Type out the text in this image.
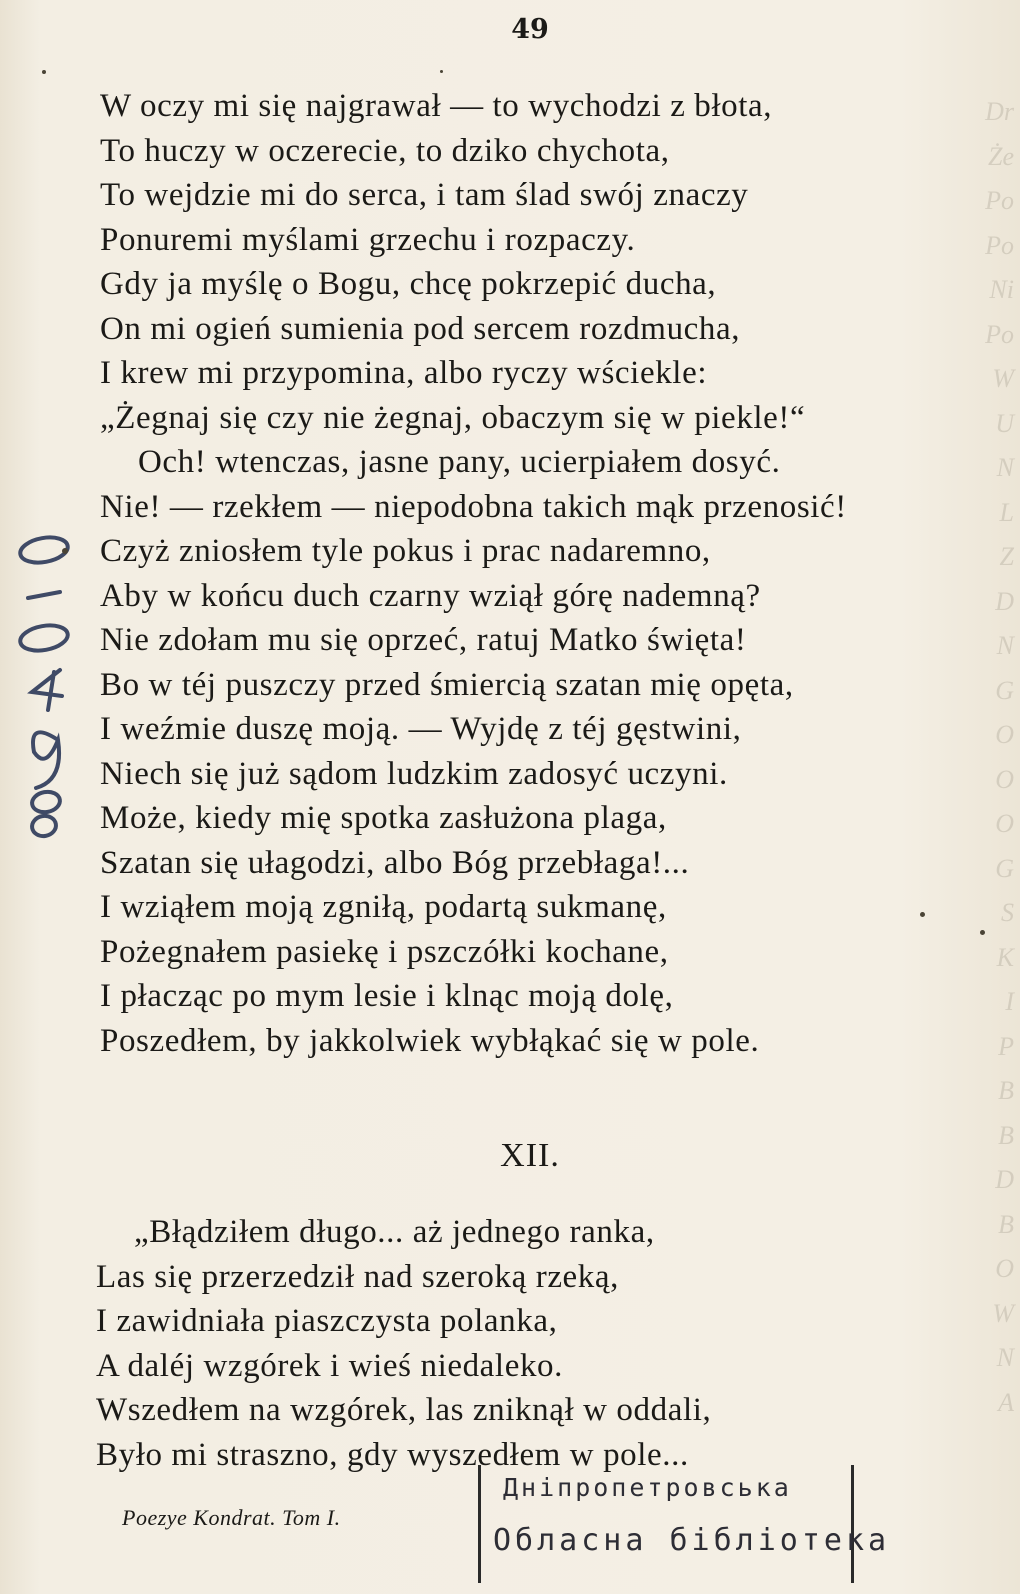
Dr
Że
Po
Po
Ni
Po
W
U
N
L
Z
D
N
G
O
O
O
G
S
K
I
P
B
B
D
B
O
W
N
A
49
W oczy mi się najgrawał — to wychodzi z błota,
To huczy w oczerecie, to dziko chychota,
To wejdzie mi do serca, i tam ślad swój znaczy
Ponuremi myślami grzechu i rozpaczy.
Gdy ja myślę o Bogu, chcę pokrzepić ducha,
On mi ogień sumienia pod sercem rozdmucha,
I krew mi przypomina, albo ryczy wściekle:
„Żegnaj się czy nie żegnaj, obaczym się w piekle!“
Och! wtenczas, jasne pany, ucierpiałem dosyć.
Nie! — rzekłem — niepodobna takich mąk przenosić!
Czyż zniosłem tyle pokus i prac nadaremno,
Aby w końcu duch czarny wziął górę nademną?
Nie zdołam mu się oprzeć, ratuj Matko święta!
Bo w téj puszczy przed śmiercią szatan mię opęta,
I weźmie duszę moją. — Wyjdę z téj gęstwini,
Niech się już sądom ludzkim zadosyć uczyni.
Może, kiedy mię spotka zasłużona plaga,
Szatan się ułagodzi, albo Bóg przebłaga!...
I wziąłem moją zgniłą, podartą sukmanę,
Pożegnałem pasiekę i pszczółki kochane,
I płacząc po mym lesie i klnąc moją dolę,
Poszedłem, by jakkolwiek wybłąkać się w pole.
XII.
„Błądziłem długo... aż jednego ranka,
Las się przerzedził nad szeroką rzeką,
I zawidniała piaszczysta polanka,
A daléj wzgórek i wieś niedaleko.
Wszedłem na wzgórek, las zniknął w oddali,
Było mi straszno, gdy wyszedłem w pole...
Poezye Kondrat. Tom I.
Дніпропетровська
Обласна бібліотека
